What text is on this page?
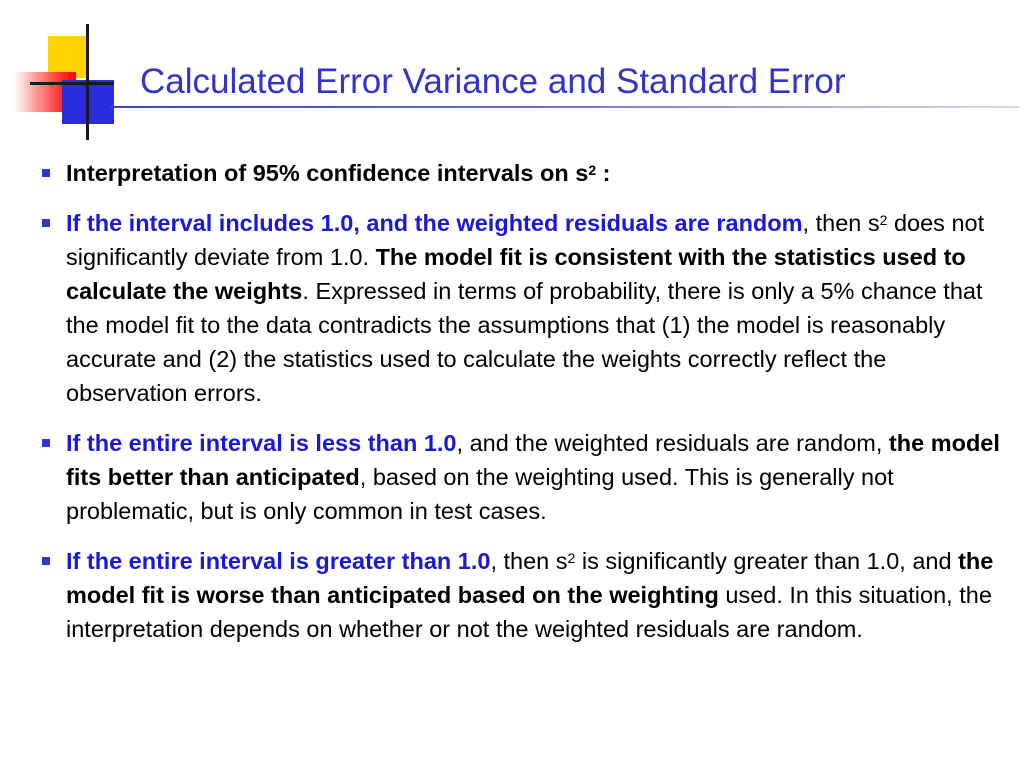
Calculated Error Variance and Standard Error
Interpretation of 95% confidence intervals on $s^2$ :
If the interval includes 1.0, and the weighted residuals are random, then $s^2$ does not significantly deviate from 1.0. The model fit is consistent with the statistics used to calculate the weights. Expressed in terms of probability, there is only a 5% chance that the model fit to the data contradicts the assumptions that (1) the model is reasonably accurate and (2) the statistics used to calculate the weights correctly reflect the observation errors.
If the entire interval is less than 1.0, and the weighted residuals are random, the model fits better than anticipated, based on the weighting used. This is generally not problematic, but is only common in test cases.
If the entire interval is greater than 1.0, then $s^2$ is significantly greater than 1.0, and the model fit is worse than anticipated based on the weighting used. In this situation, the interpretation depends on whether or not the weighted residuals are random.
